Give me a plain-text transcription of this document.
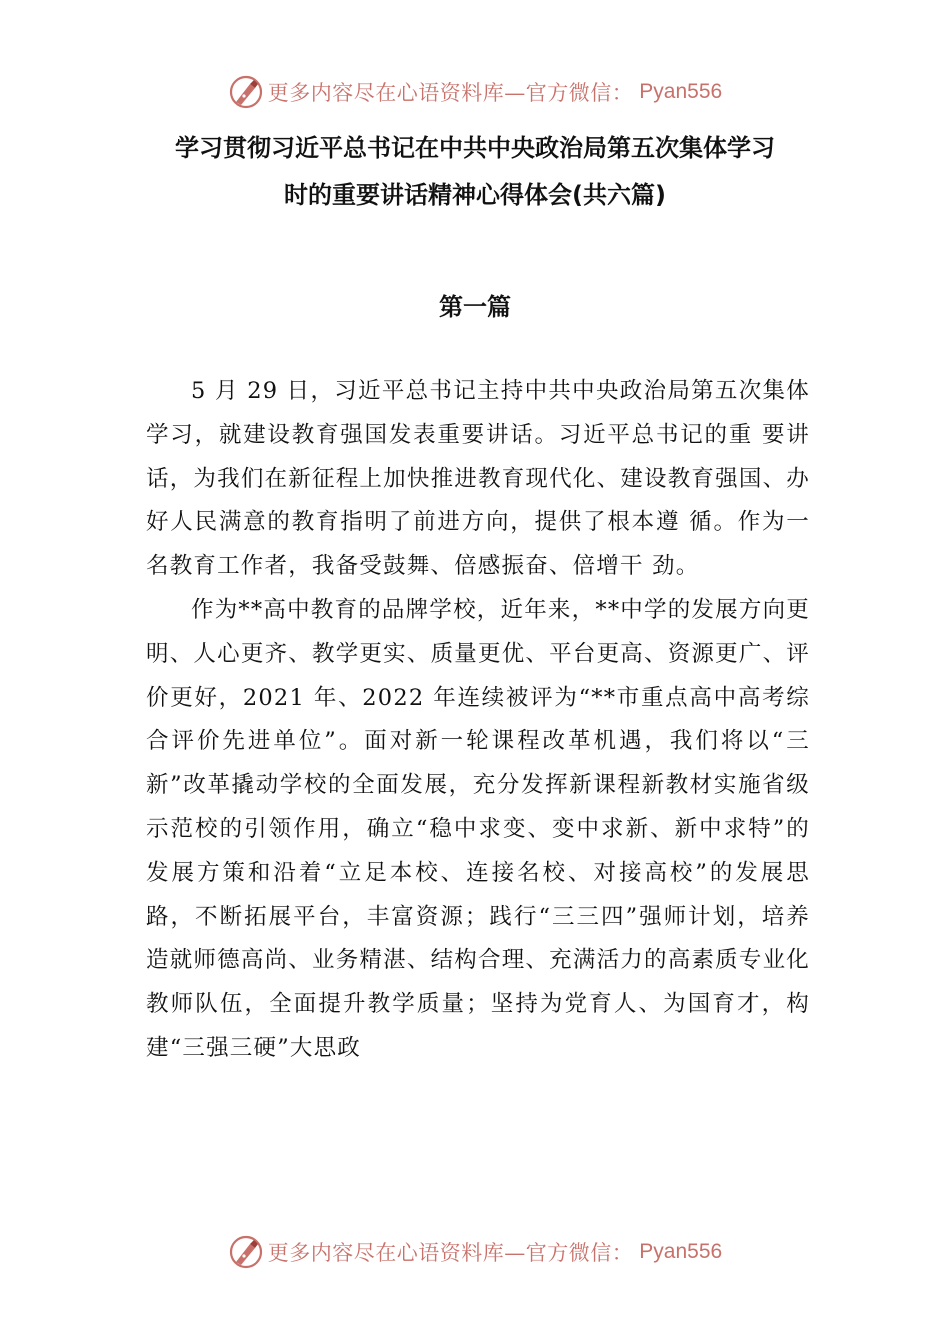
更多内容尽在心语资料库—官方微信： Pyan556
学习贯彻习近平总书记在中共中央政治局第五次集体学习
时的重要讲话精神心得体会(共六篇)
第一篇

5 月 29 日，习近平总书记主持中共中央政治局第五次集体学习，就建设教育强国发表重要讲话。习近平总书记的重 要讲话，为我们在新征程上加快推进教育现代化、建设教育强国、办好人民满意的教育指明了前进方向，提供了根本遵 循。作为一名教育工作者，我备受鼓舞、倍感振奋、倍增干 劲。

作为**高中教育的品牌学校，近年来，**中学的发展方向更明、人心更齐、教学更实、质量更优、平台更高、资源更广、评价更好，2021 年、2022 年连续被评为“**市重点高中高考综合评价先进单位”。面对新一轮课程改革机遇，我们将以“三新”改革撬动学校的全面发展，充分发挥新课程新教材实施省级示范校的引领作用，确立“稳中求变、变中求新、新中求特”的发展方策和沿着“立足本校、连接名校、对接高校”的发展思路，不断拓展平台，丰富资源；践行“三三四”强师计划，培养造就师德高尚、业务精湛、结构合理、充满活力的高素质专业化教师队伍，全面提升教学质量；坚持为党育人、为国育才，构建“三强三硬”大思政

更多内容尽在心语资料库—官方微信： Pyan556
